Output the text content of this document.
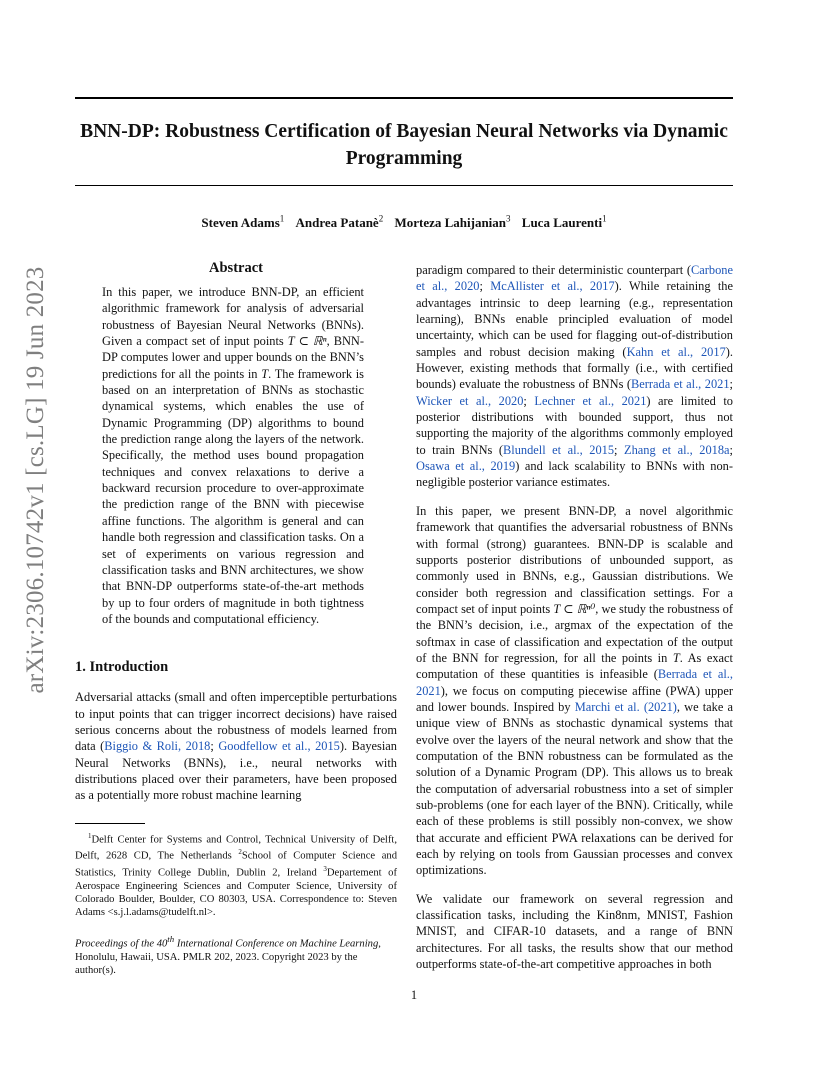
BNN-DP: Robustness Certification of Bayesian Neural Networks via Dynamic
Programming
Steven Adams$^1$ Andrea Patanè$^2$ Morteza Lahijanian$^3$ Luca Laurenti$^1$
arXiv:2306.10742v1 [cs.LG] 19 Jun 2023	Abstract

In this paper, we introduce BNN-DP, an efficient algorithmic framework for analysis of adversarial robustness of Bayesian Neural Networks (BNNs). Given a compact set of input points T ⊂ ℝⁿ, BNN-DP computes lower and upper bounds on the BNN’s predictions for all the points in T. The framework is based on an interpretation of BNNs as stochastic dynamical systems, which enables the use of Dynamic Programming (DP) algorithms to bound the prediction range along the layers of the network. Specifically, the method uses bound propagation techniques and convex relaxations to derive a backward recursion procedure to over-approximate the prediction range of the BNN with piecewise affine functions. The algorithm is general and can handle both regression and classification tasks. On a set of experiments on various regression and classification tasks and BNN architectures, we show that BNN-DP outperforms state-of-the-art methods by up to four orders of magnitude in both tightness of the bounds and computational efficiency.

1. Introduction

Adversarial attacks (small and often imperceptible perturbations to input points that can trigger incorrect decisions) have raised serious concerns about the robustness of models learned from data (Biggio & Roli, 2018; Goodfellow et al., 2015). Bayesian Neural Networks (BNNs), i.e., neural networks with distributions placed over their parameters, have been proposed as a potentially more robust machine learning

$^1$Delft Center for Systems and Control, Technical University of Delft, Delft, 2628 CD, The Netherlands $^2$School of Computer Science and Statistics, Trinity College Dublin, Dublin 2, Ireland $^3$Departement of Aerospace Engineering Sciences and Computer Science, University of Colorado Boulder, Boulder, CO 80303, USA. Correspondence to: Steven Adams <s.j.l.adams@tudelft.nl>.

Proceedings of the 40th International Conference on Machine Learning, Honolulu, Hawaii, USA. PMLR 202, 2023. Copyright 2023 by the author(s).

paradigm compared to their deterministic counterpart (Carbone et al., 2020; McAllister et al., 2017). While retaining the advantages intrinsic to deep learning (e.g., representation learning), BNNs enable principled evaluation of model uncertainty, which can be used for flagging out-of-distribution samples and robust decision making (Kahn et al., 2017). However, existing methods that formally (i.e., with certified bounds) evaluate the robustness of BNNs (Berrada et al., 2021; Wicker et al., 2020; Lechner et al., 2021) are limited to posterior distributions with bounded support, thus not supporting the majority of the algorithms commonly employed to train BNNs (Blundell et al., 2015; Zhang et al., 2018a; Osawa et al., 2019) and lack scalability to BNNs with non-negligible posterior variance estimates.

In this paper, we present BNN-DP, a novel algorithmic framework that quantifies the adversarial robustness of BNNs with formal (strong) guarantees. BNN-DP is scalable and supports posterior distributions of unbounded support, as commonly used in BNNs, e.g., Gaussian distributions. We consider both regression and classification settings. For a compact set of input points T ⊂ ℝⁿ⁰, we study the robustness of the BNN’s decision, i.e., argmax of the expectation of the softmax in case of classification and expectation of the output of the BNN for regression, for all the points in T. As exact computation of these quantities is infeasible (Berrada et al., 2021), we focus on computing piecewise affine (PWA) upper and lower bounds. Inspired by Marchi et al. (2021), we take a unique view of BNNs as stochastic dynamical systems that evolve over the layers of the neural network and show that the computation of the BNN robustness can be formulated as the solution of a Dynamic Program (DP). This allows us to break the computation of adversarial robustness into a set of simpler sub-problems (one for each layer of the BNN). Critically, while each of these problems is still possibly non-convex, we show that accurate and efficient PWA relaxations can be derived for each by relying on tools from Gaussian processes and convex optimizations.

We validate our framework on several regression and classification tasks, including the Kin8nm, MNIST, Fashion MNIST, and CIFAR-10 datasets, and a range of BNN architectures. For all tasks, the results show that our method outperforms state-of-the-art competitive approaches in both

1
